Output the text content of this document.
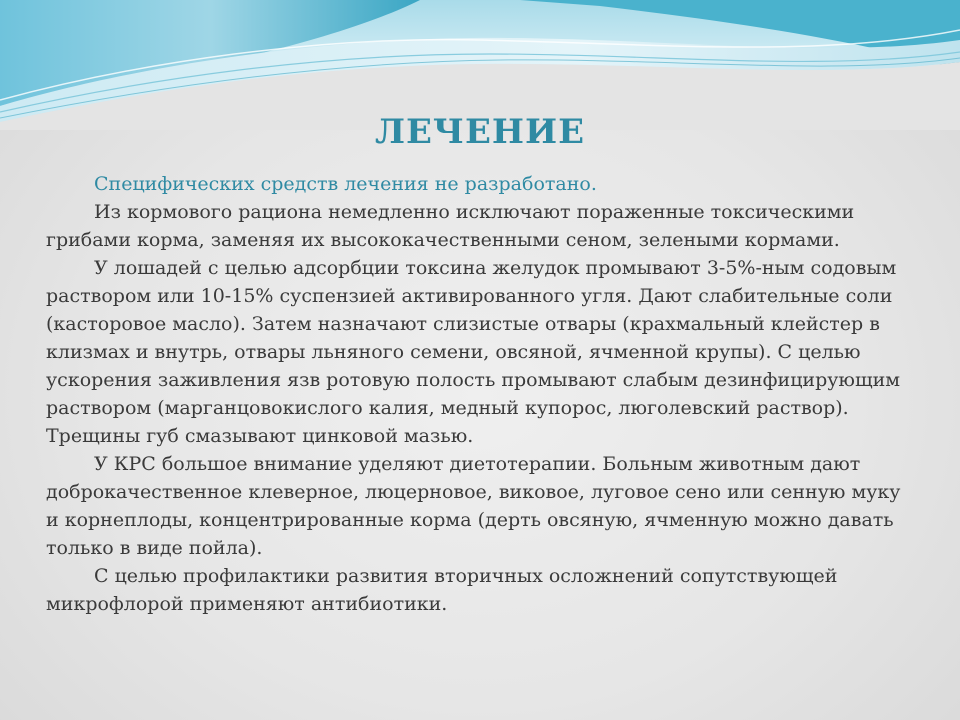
ЛЕЧЕНИЕ

Специфических средств лечения не разработано.

Из кормового рациона немедленно исключают пораженные токсическими грибами корма, заменяя их высококачественными сеном, зелеными кормами.

У лошадей с целью адсорбции токсина желудок промывают 3-5%-ным содовым раствором или 10-15% суспензией активированного угля. Дают слабительные соли (касторовое масло). Затем назначают слизистые отвары (крахмальный клейстер в клизмах и внутрь, отвары льняного семени, овсяной, ячменной крупы). С целью ускорения заживления язв ротовую полость промывают слабым дезинфицирующим раствором (марганцовокислого калия, медный купорос, люголевский раствор). Трещины губ смазывают цинковой мазью.

У КРС большое внимание уделяют диетотерапии. Больным животным дают доброкачественное клеверное, люцерновое, виковое, луговое сено или сенную муку и корнеплоды, концентрированные корма (дерть овсяную, ячменную можно давать только в виде пойла).

С целью профилактики развития вторичных осложнений сопутствующей микрофлорой применяют антибиотики.
